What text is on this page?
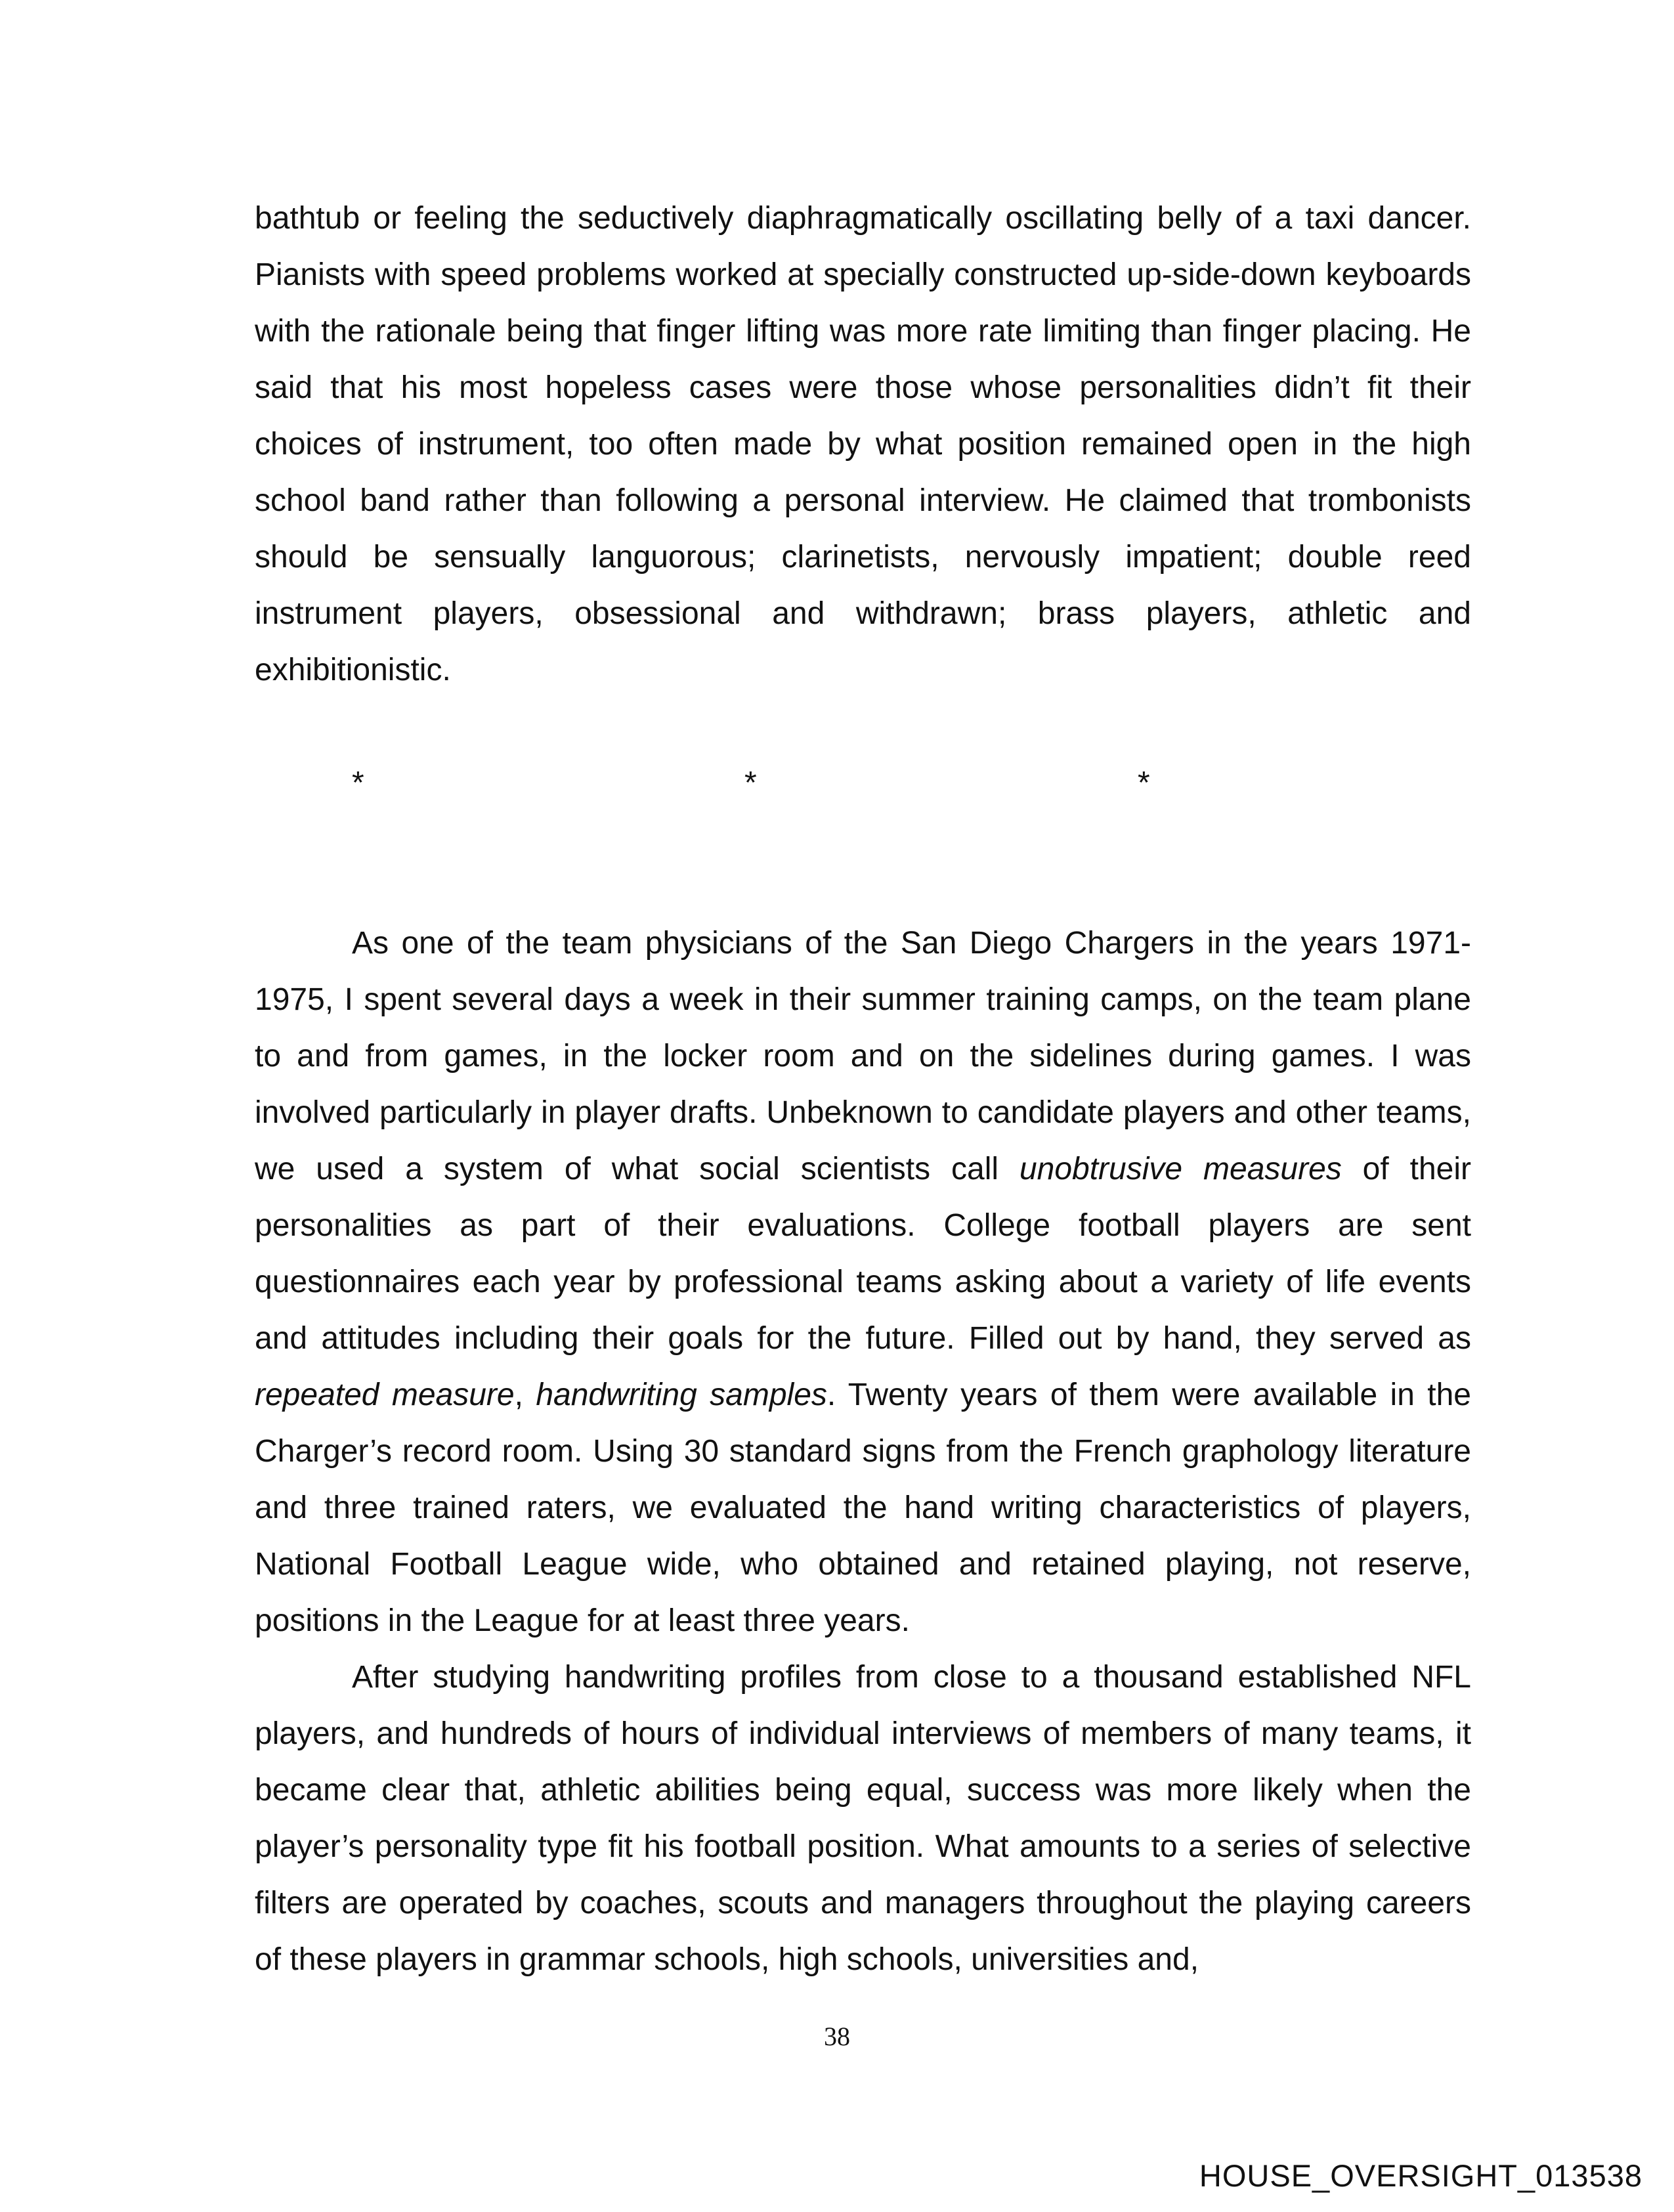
bathtub or feeling the seductively diaphragmatically oscillating belly of a taxi dancer. Pianists with speed problems worked at specially constructed up-side-down keyboards with the rationale being that finger lifting was more rate limiting than finger placing. He said that his most hopeless cases were those whose personalities didn’t fit their choices of instrument, too often made by what position remained open in the high school band rather than following a personal interview. He claimed that trombonists should be sensually languorous; clarinetists, nervously impatient; double reed instrument players, obsessional and withdrawn; brass players, athletic and exhibitionistic.

*	*	*

As one of the team physicians of the San Diego Chargers in the years 1971-1975, I spent several days a week in their summer training camps, on the team plane to and from games, in the locker room and on the sidelines during games. I was involved particularly in player drafts. Unbeknown to candidate players and other teams, we used a system of what social scientists call unobtrusive measures of their personalities as part of their evaluations. College football players are sent questionnaires each year by professional teams asking about a variety of life events and attitudes including their goals for the future. Filled out by hand, they served as repeated measure, handwriting samples. Twenty years of them were available in the Charger’s record room. Using 30 standard signs from the French graphology literature and three trained raters, we evaluated the hand writing characteristics of players, National Football League wide, who obtained and retained playing, not reserve, positions in the League for at least three years.

After studying handwriting profiles from close to a thousand established NFL players, and hundreds of hours of individual interviews of members of many teams, it became clear that, athletic abilities being equal, success was more likely when the player’s personality type fit his football position. What amounts to a series of selective filters are operated by coaches, scouts and managers throughout the playing careers of these players in grammar schools, high schools, universities and,

38
HOUSE_OVERSIGHT_013538
